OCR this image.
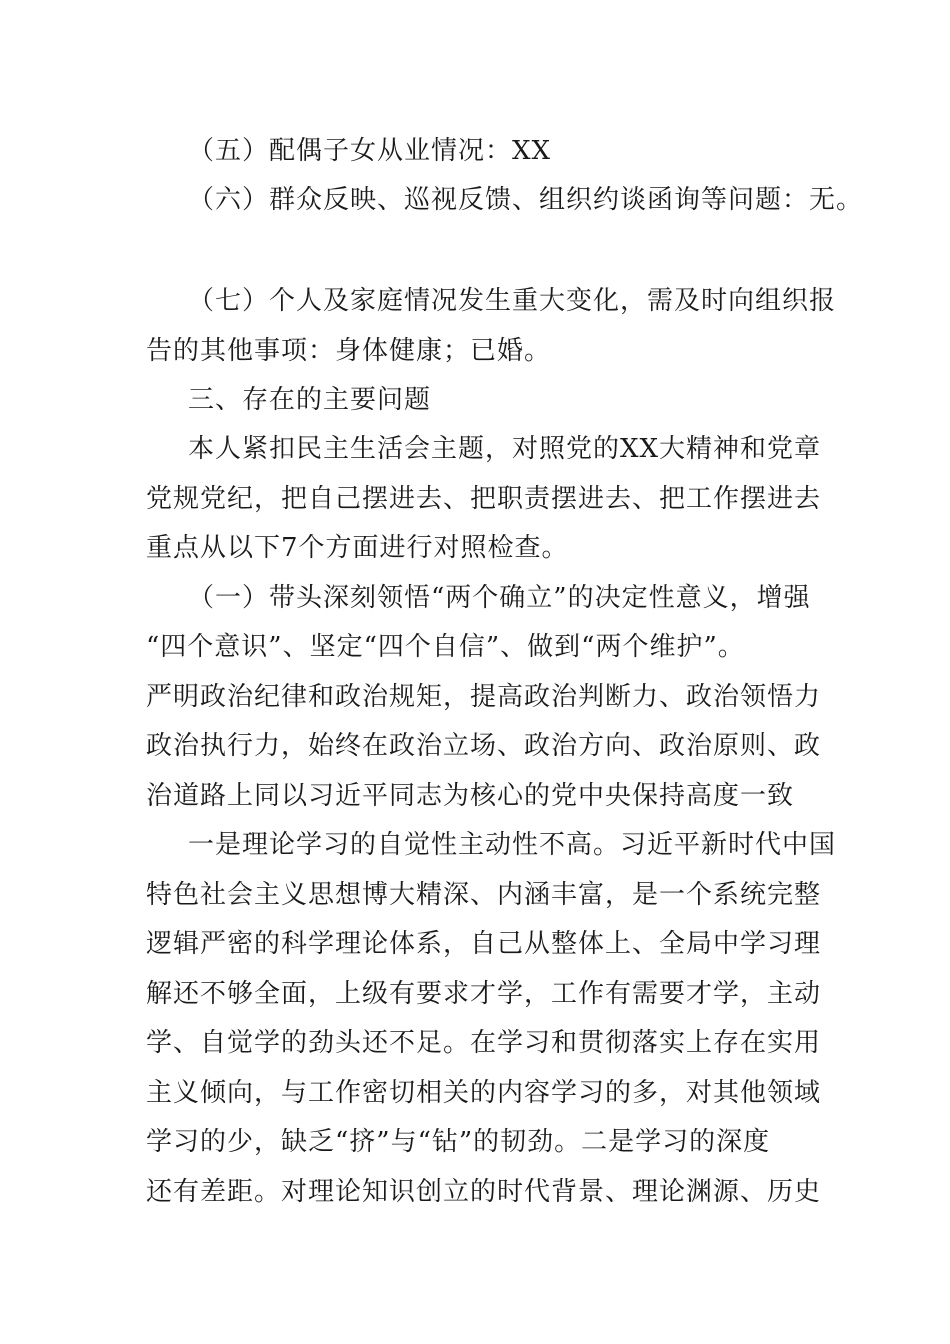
（五）配偶子女从业情况：XX

（六）群众反映、巡视反馈、组织约谈函询等问题：无。

（七）个人及家庭情况发生重大变化，需及时向组织报

告的其他事项：身体健康；已婚。

三、存在的主要问题

本人紧扣民主生活会主题，对照党的XX大精神和党章

党规党纪，把自己摆进去、把职责摆进去、把工作摆进去

重点从以下7个方面进行对照检查。

（一）带头深刻领悟“两个确立”的决定性意义，增强

“四个意识”、坚定“四个自信”、做到“两个维护”。

严明政治纪律和政治规矩，提高政治判断力、政治领悟力

政治执行力，始终在政治立场、政治方向、政治原则、政

治道路上同以习近平同志为核心的党中央保持高度一致

一是理论学习的自觉性主动性不高。习近平新时代中国

特色社会主义思想博大精深、内涵丰富，是一个系统完整

逻辑严密的科学理论体系，自己从整体上、全局中学习理

解还不够全面，上级有要求才学，工作有需要才学，主动

学、自觉学的劲头还不足。在学习和贯彻落实上存在实用

主义倾向，与工作密切相关的内容学习的多，对其他领域

学习的少，缺乏“挤”与“钻”的韧劲。二是学习的深度

还有差距。对理论知识创立的时代背景、理论渊源、历史
